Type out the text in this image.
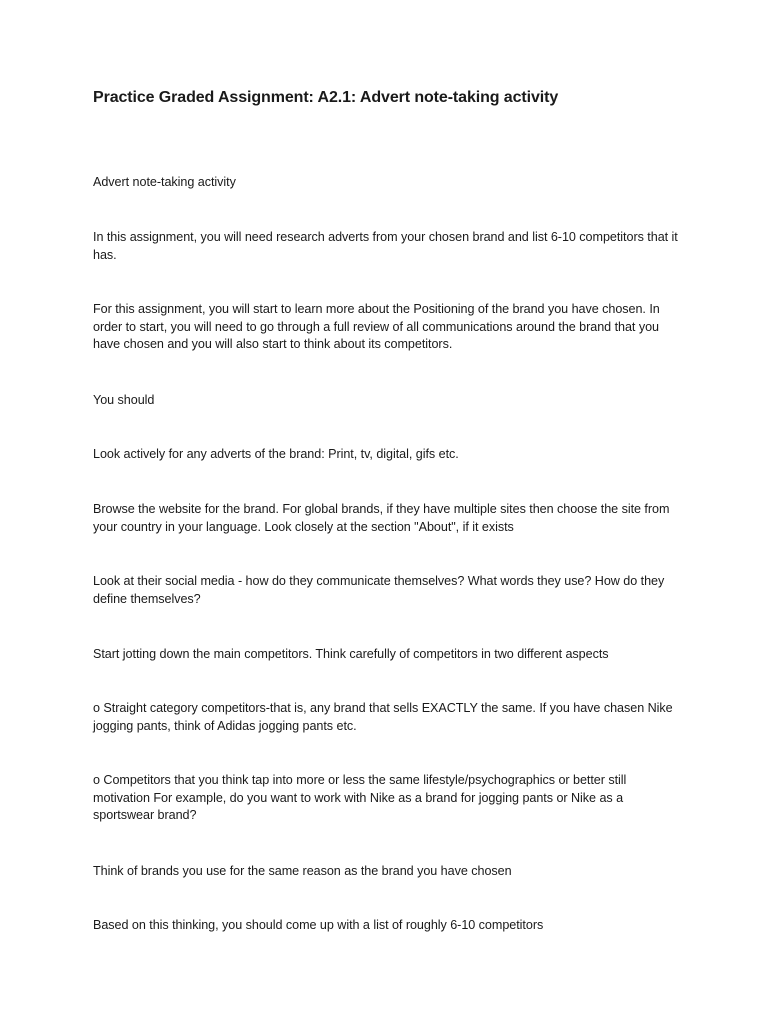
Practice Graded Assignment: A2.1: Advert note-taking activity

Advert note-taking activity

In this assignment, you will need research adverts from your chosen brand and list 6-10 competitors that it has.

For this assignment, you will start to learn more about the Positioning of the brand you have chosen. In order to start, you will need to go through a full review of all communications around the brand that you have chosen and you will also start to think about its competitors.

You should

Look actively for any adverts of the brand: Print, tv, digital, gifs etc.

Browse the website for the brand. For global brands, if they have multiple sites then choose the site from your country in your language. Look closely at the section "About", if it exists

Look at their social media - how do they communicate themselves? What words they use? How do they define themselves?

Start jotting down the main competitors. Think carefully of competitors in two different aspects

o Straight category competitors-that is, any brand that sells EXACTLY the same. If you have chasen Nike jogging pants, think of Adidas jogging pants etc.

o Competitors that you think tap into more or less the same lifestyle/psychographics or better still motivation For example, do you want to work with Nike as a brand for jogging pants or Nike as a sportswear brand?

Think of brands you use for the same reason as the brand you have chosen

Based on this thinking, you should come up with a list of roughly 6-10 competitors
